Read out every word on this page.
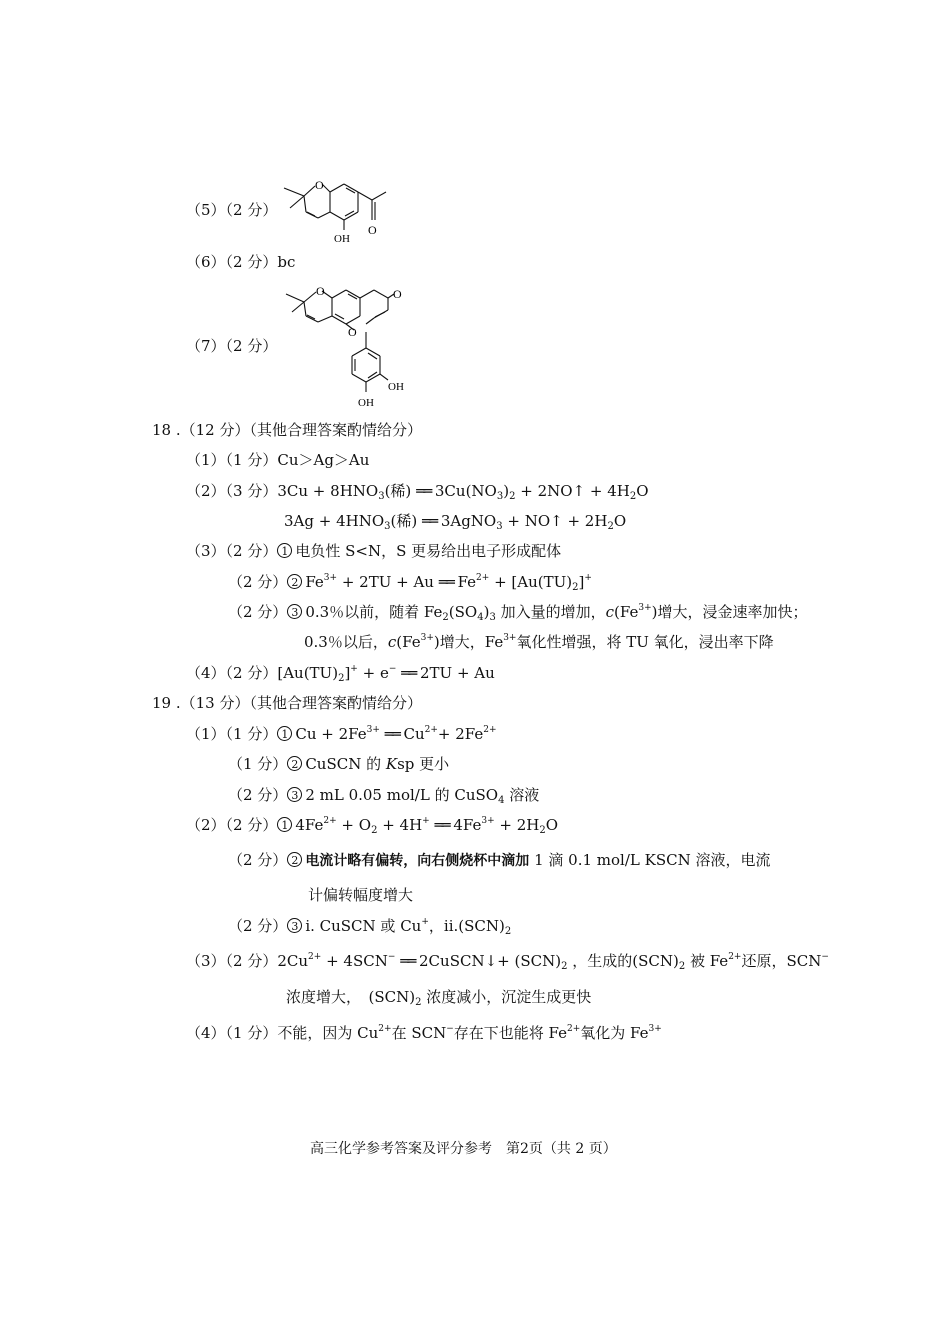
（5）（2 分）
O
OH
O
（6）（2 分）bc
（7）（2 分）
O
O
O
OH
OH
18 .（12 分）（其他合理答案酌情给分）
（1）（1 分）Cu＞Ag＞Au
（2）（3 分）$3Cu + 8HNO_3$(稀) ══ $3Cu(NO_3)_2$ + 2NO↑ + $4H_2O$
$3Ag + 4HNO_3$(稀) ══ 3AgNO$_3$ + NO↑ + $2H_2O$
（3）（2 分） 1 电负性 S<N，S 更易给出电子形成配体
（2 分） 2 $Fe^{3+} + 2TU + Au$ ══ $Fe^{2+} + [Au(TU)_2]^+$
（2 分） 3 0.3％以前，随着 $Fe_2(SO_4)_3$ 加入量的增加，$c(Fe^{3+})$增大，浸金速率加快；
0.3％以后，$c(Fe^{3+})$增大，$Fe^{3+}$氧化性增强，将 TU 氧化，浸出率下降
（4）（2 分）$[Au(TU)_2]^+ + e^-$ ══ 2TU + Au
19 .（13 分）（其他合理答案酌情给分）
（1）（1 分） 1 $Cu + 2Fe^{3+}$ ══ $Cu^{2+}+ 2Fe^{2+}$
（1 分） 2 CuSCN 的 Ksp 更小
（2 分） 3 2 mL 0.05 mol/L 的 CuSO$_4$ 溶液
（2）（2 分） 1 $4Fe^{2+} + O_2 + 4H^+$ ══ $4Fe^{3+} + 2H_2O$
（2 分） 2 电流计略有偏转，向右侧烧杯中滴加 1 滴 0.1 mol/L KSCN 溶液，电流
计偏转幅度增大
（2 分） 3 i. CuSCN 或 Cu+，$ii.(SCN)_2$
（3）（2 分）$2Cu^{2+} + 4SCN^-$ ══ 2CuSCN↓+ $(SCN)_2$ ，生成的$(SCN)_2$ 被 $Fe^{2+}$还原，SCN−
浓度增大，　$(SCN)_2$ 浓度减小，沉淀生成更快
（4）（1 分）不能，因为 $Cu^{2+}$在 SCN−存在下也能将 $Fe^{2+}$氧化为 $Fe^{3+}$
高三化学参考答案及评分参考　第2页（共 2 页）
